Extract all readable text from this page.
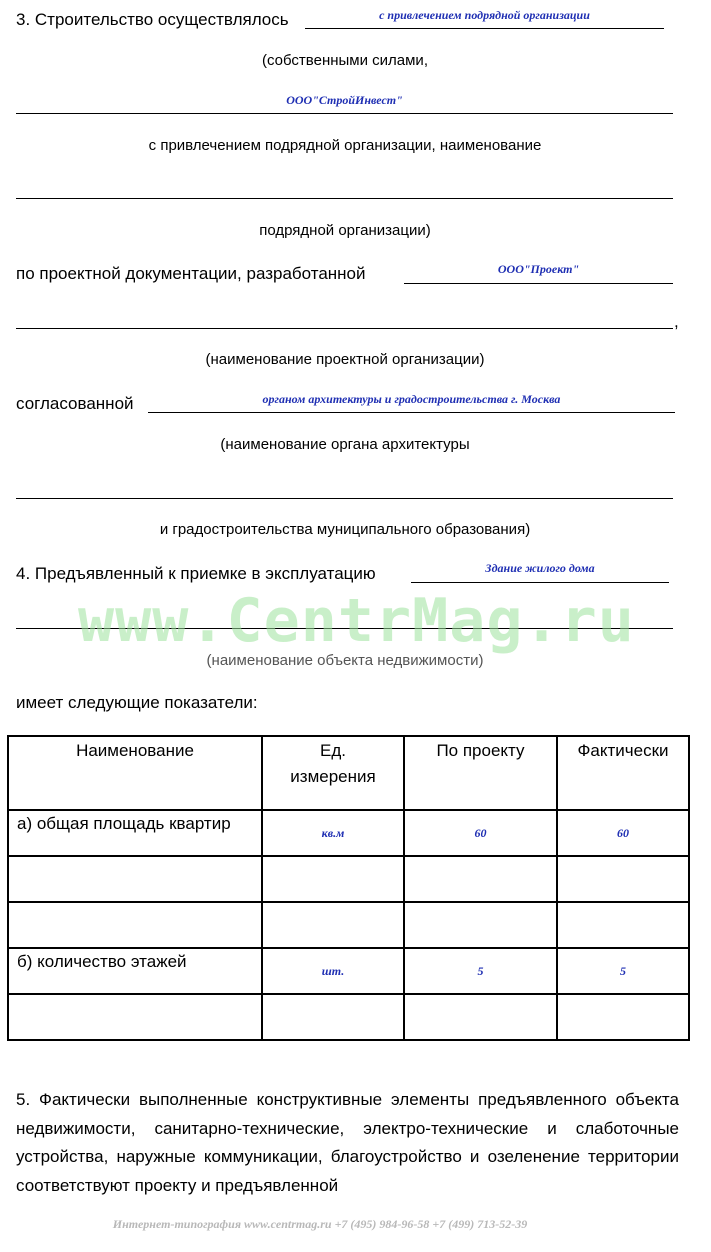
3. Строительство осуществлялось	с привлечением подрядной организации
(собственными силами,
ООО"СтройИнвест"
с привлечением подрядной организации, наименование
подрядной организации)
по проектной документации, разработанной	ООО"Проект"
,
(наименование проектной организации)
согласованной	органом архитектуры и градостроительства г. Москва
(наименование органа архитектуры
и градостроительства муниципального образования)
4. Предъявленный к приемке в эксплуатацию	Здание жилого дома
(наименование объекта недвижимости)
имеет следующие показатели:
Наименование	Ед. измерения	По проекту	Фактически
а) общая площадь квартир	кв.м	60	60

б) количество этажей	шт.	5	5

5. Фактически выполненные конструктивные элементы предъявленного объекта недвижимости, санитарно-технические, электро-технические и слаботочные устройства, наружные коммуникации, благоустройство и озеленение территории соответствуют проекту и предъявленной
www.CentrMag.ru
Интернет-типография www.centrmag.ru +7 (495) 984-96-58 +7 (499) 713-52-39
